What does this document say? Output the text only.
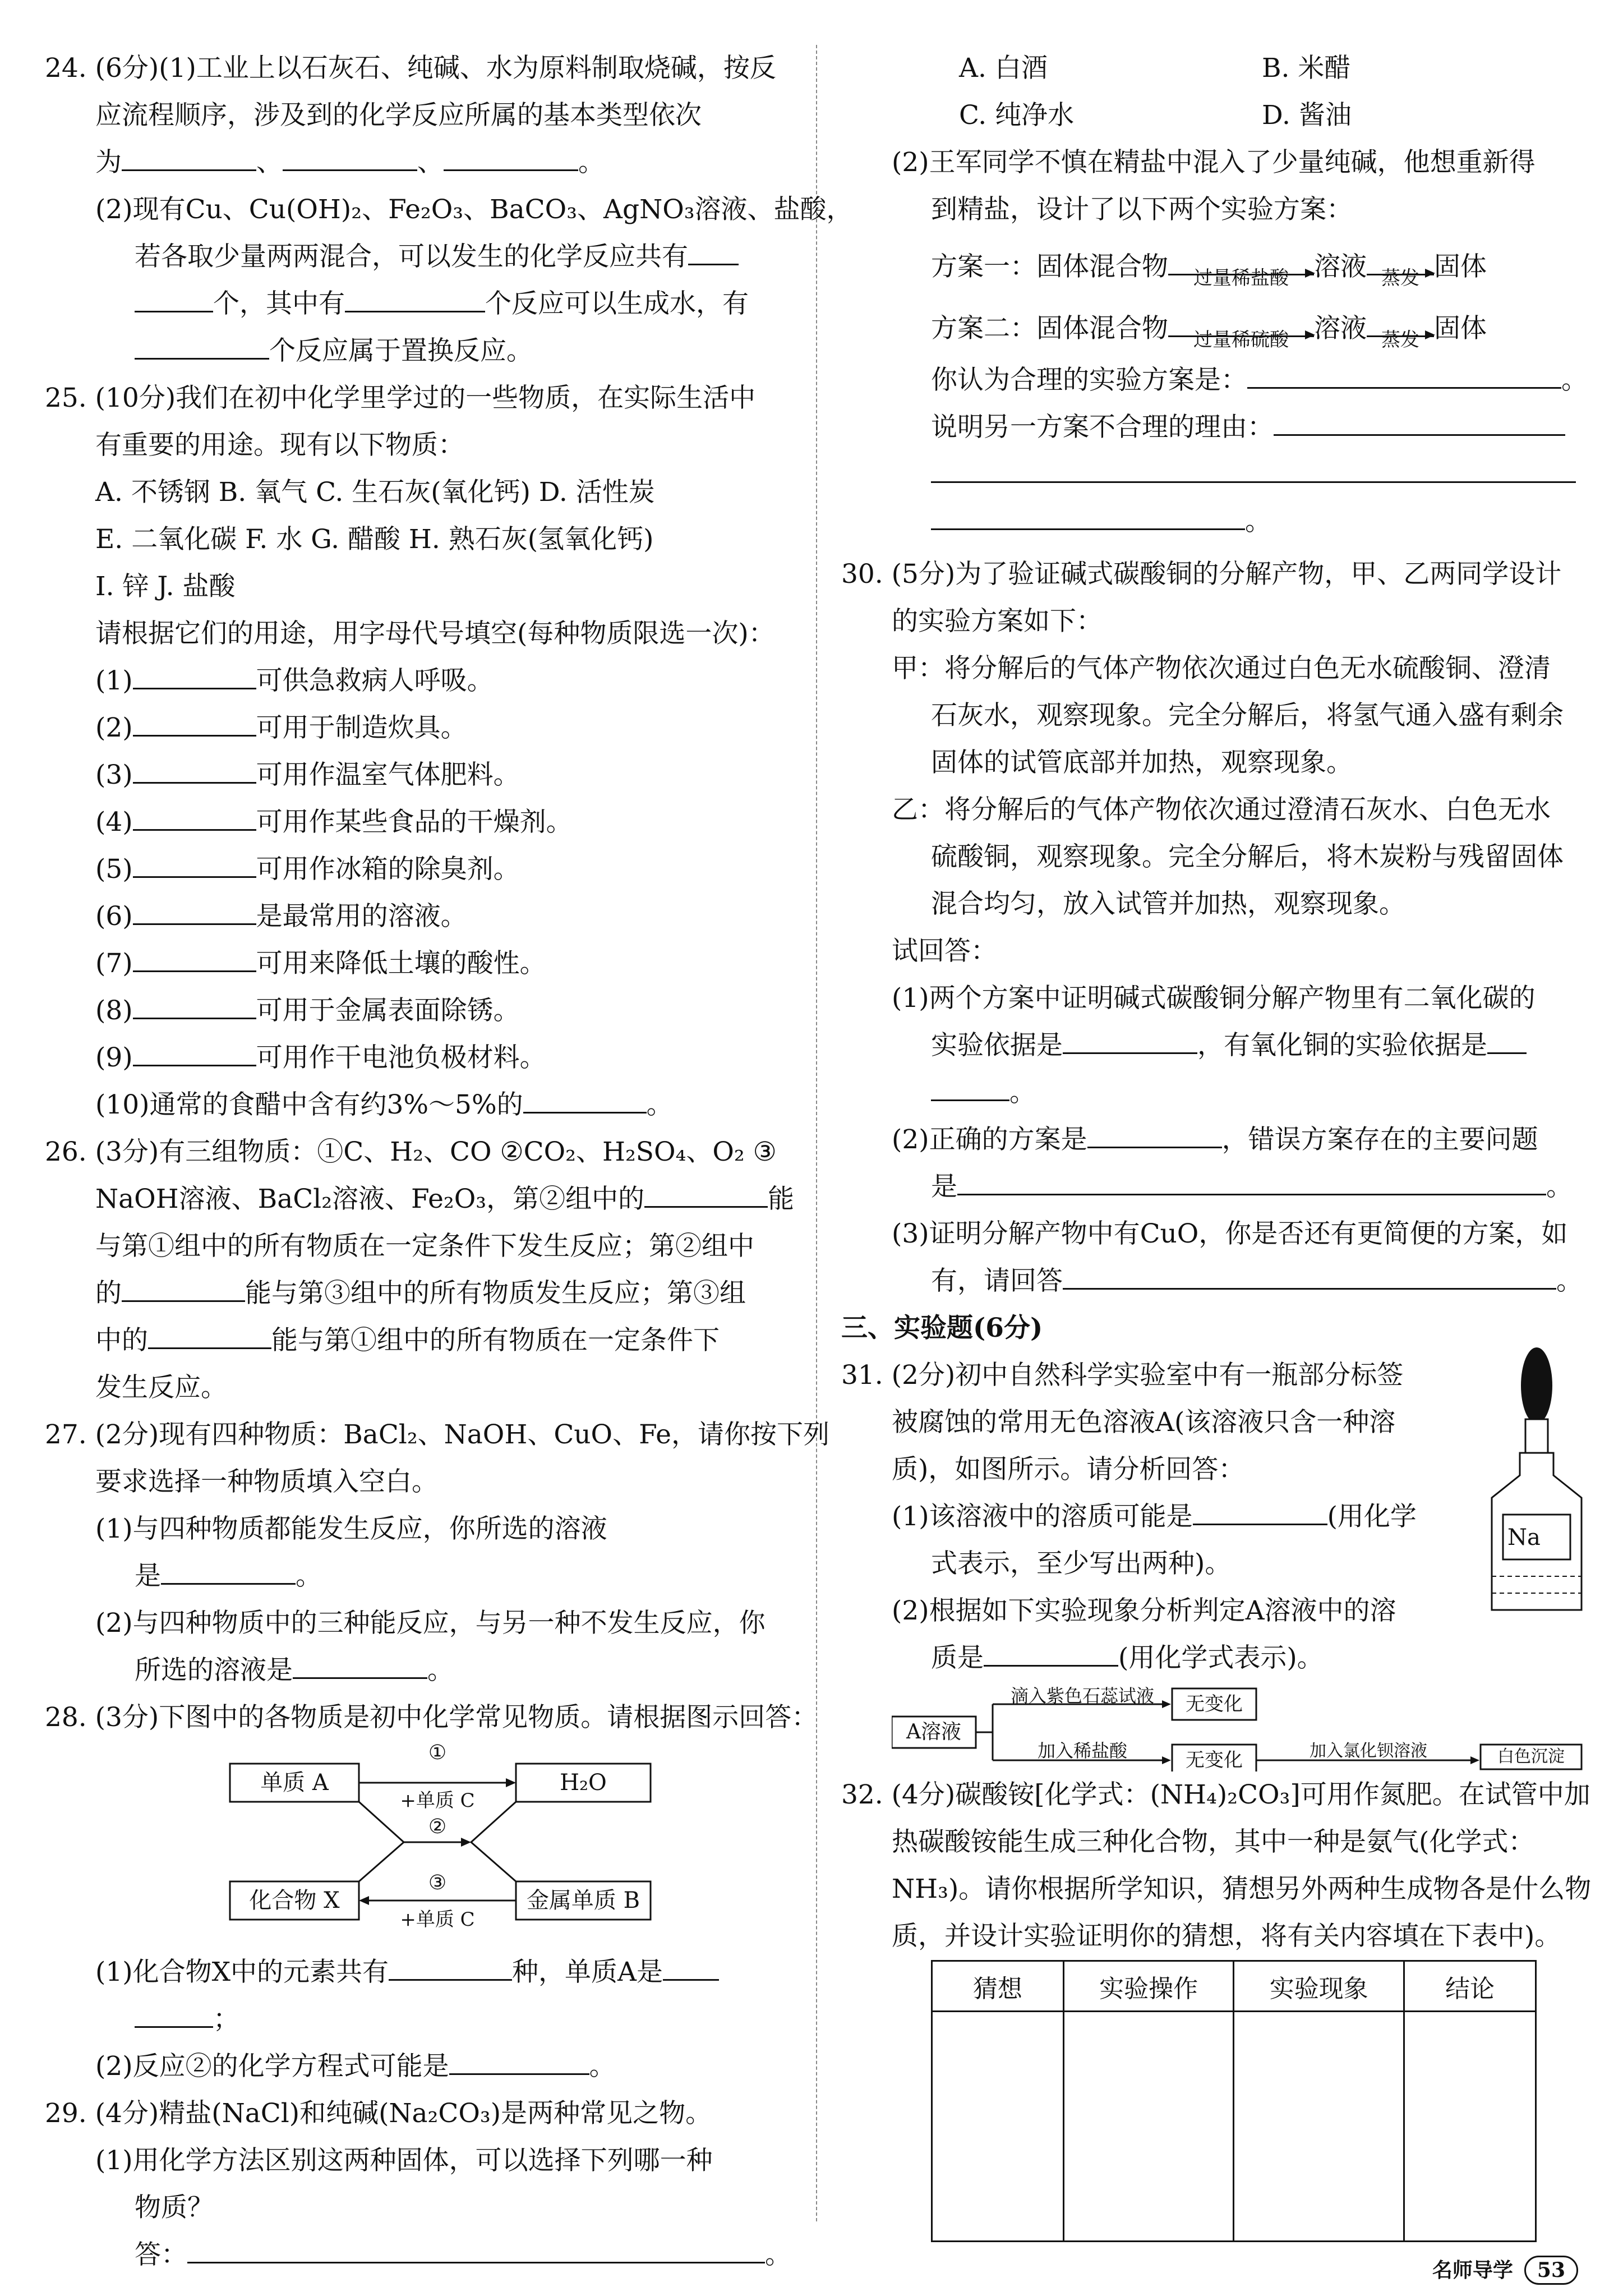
24. (6分)(1)工业上以石灰石、纯碱、水为原料制取烧碱，按反
应流程顺序，涉及到的化学反应所属的基本类型依次
为	、	、	。
(2)现有Cu、Cu(OH)₂、Fe₂O₃、BaCO₃、AgNO₃溶液、盐酸，
若各取少量两两混合，可以发生的化学反应共有
个，其中有	个反应可以生成水，有
个反应属于置换反应。
25. (10分)我们在初中化学里学过的一些物质，在实际生活中
有重要的用途。现有以下物质：
A. 不锈钢 B. 氧气 C. 生石灰(氧化钙) D. 活性炭
E. 二氧化碳 F. 水 G. 醋酸 H. 熟石灰(氢氧化钙)
I. 锌 J. 盐酸
请根据它们的用途，用字母代号填空(每种物质限选一次)：
(1)	可供急救病人呼吸。
(2)	可用于制造炊具。
(3)	可用作温室气体肥料。
(4)	可用作某些食品的干燥剂。
(5)	可用作冰箱的除臭剂。
(6)	是最常用的溶液。
(7)	可用来降低土壤的酸性。
(8)	可用于金属表面除锈。
(9)	可用作干电池负极材料。
(10)通常的食醋中含有约3%～5%的	。
26. (3分)有三组物质：①C、H₂、CO ②CO₂、H₂SO₄、O₂ ③
NaOH溶液、BaCl₂溶液、Fe₂O₃，第②组中的	能
与第①组中的所有物质在一定条件下发生反应；第②组中
的	能与第③组中的所有物质发生反应；第③组
中的	能与第①组中的所有物质在一定条件下
发生反应。
27. (2分)现有四种物质：BaCl₂、NaOH、CuO、Fe，请你按下列
要求选择一种物质填入空白。
(1)与四种物质都能发生反应，你所选的溶液
是	。
(2)与四种物质中的三种能反应，与另一种不发生反应，你
所选的溶液是	。
28. (3分)下图中的各物质是初中化学常见物质。请根据图示回答：
单质 A	H₂O
化合物 X	金属单质 B
①
+单质 C
②
③
+单质 C
(1)化合物X中的元素共有	种，单质A是
；
(2)反应②的化学方程式可能是	。
29. (4分)精盐(NaCl)和纯碱(Na₂CO₃)是两种常见之物。
(1)用化学方法区别这两种固体，可以选择下列哪一种
物质？
答：	。
A. 白酒	B. 米醋
C. 纯净水	D. 酱油
(2)王军同学不慎在精盐中混入了少量纯碱，他想重新得
到精盐，设计了以下两个实验方案：
方案一：固体混合物	过量稀盐酸 溶液 蒸发 固体
方案二：固体混合物	过量稀硫酸 溶液 蒸发 固体
你认为合理的实验方案是：	。
说明另一方案不合理的理由：
。
30. (5分)为了验证碱式碳酸铜的分解产物，甲、乙两同学设计
的实验方案如下：
甲：将分解后的气体产物依次通过白色无水硫酸铜、澄清
石灰水，观察现象。完全分解后，将氢气通入盛有剩余
固体的试管底部并加热，观察现象。
乙：将分解后的气体产物依次通过澄清石灰水、白色无水
硫酸铜，观察现象。完全分解后，将木炭粉与残留固体
混合均匀，放入试管并加热，观察现象。
试回答：
(1)两个方案中证明碱式碳酸铜分解产物里有二氧化碳的
实验依据是	，有氧化铜的实验依据是
。
(2)正确的方案是	，错误方案存在的主要问题
是	。
(3)证明分解产物中有CuO，你是否还有更简便的方案，如
有，请回答	。
三、实验题(6分)
31. (2分)初中自然科学实验室中有一瓶部分标签
被腐蚀的常用无色溶液A(该溶液只含一种溶
质)，如图所示。请分析回答：
(1)该溶液中的溶质可能是	(用化学
式表示，至少写出两种)。
(2)根据如下实验现象分析判定A溶液中的溶
质是	(用化学式表示)。
Na
A溶液
滴入紫色石蕊试液	无变化
加入稀盐酸	无变化	加入氯化钡溶液	白色沉淀
32. (4分)碳酸铵[化学式：(NH₄)₂CO₃]可用作氮肥。在试管中加
热碳酸铵能生成三种化合物，其中一种是氨气(化学式：
NH₃)。请你根据所学知识，猜想另外两种生成物各是什么物
质，并设计实验证明你的猜想，将有关内容填在下表中)。
猜想	实验操作	实验现象	结论

名师导学 53
